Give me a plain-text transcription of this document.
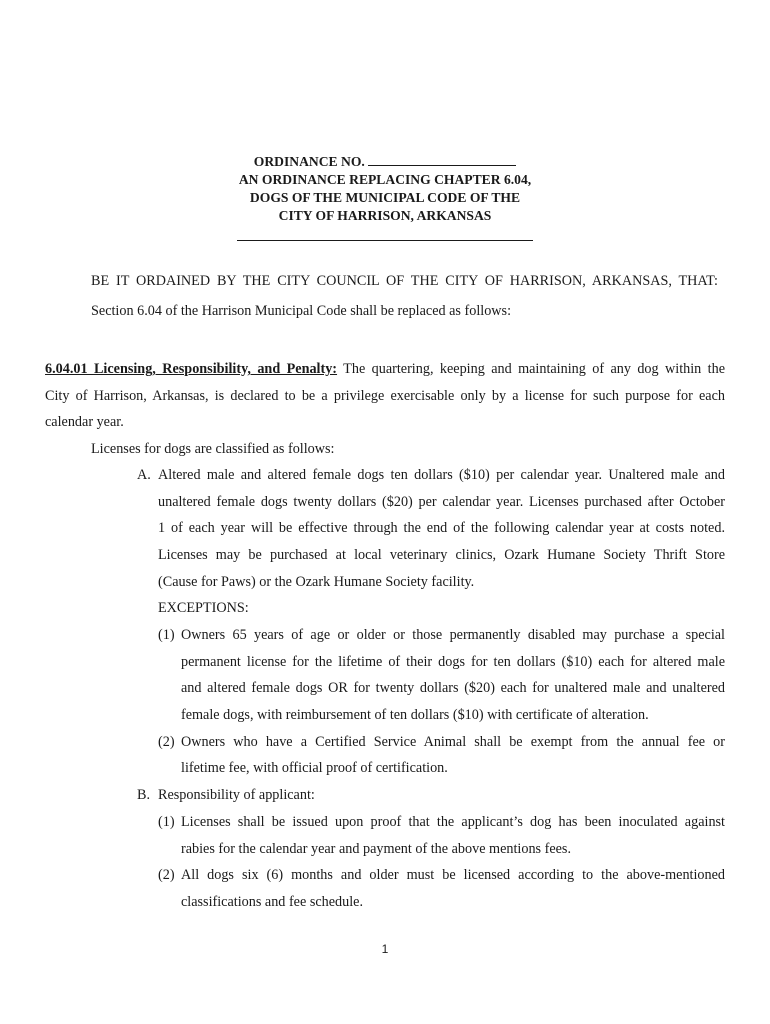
ORDINANCE NO.
AN ORDINANCE REPLACING CHAPTER 6.04,
DOGS OF THE MUNICIPAL CODE OF THE
CITY OF HARRISON, ARKANSAS
BE IT ORDAINED BY THE CITY COUNCIL OF THE CITY OF HARRISON, ARKANSAS, THAT:
Section 6.04 of the Harrison Municipal Code shall be replaced as follows:
6.04.01 Licensing, Responsibility, and Penalty: The quartering, keeping and maintaining of any dog within the
City of Harrison, Arkansas, is declared to be a privilege exercisable only by a license for such purpose for each
calendar year.
Licenses for dogs are classified as follows:
A. Altered male and altered female dogs ten dollars ($10) per calendar year. Unaltered male and
unaltered female dogs twenty dollars ($20) per calendar year. Licenses purchased after October
1 of each year will be effective through the end of the following calendar year at costs noted.
Licenses may be purchased at local veterinary clinics, Ozark Humane Society Thrift Store
(Cause for Paws) or the Ozark Humane Society facility.
EXCEPTIONS:
(1) Owners 65 years of age or older or those permanently disabled may purchase a special
permanent license for the lifetime of their dogs for ten dollars ($10) each for altered male
and altered female dogs OR for twenty dollars ($20) each for unaltered male and unaltered
female dogs, with reimbursement of ten dollars ($10) with certificate of alteration.
(2) Owners who have a Certified Service Animal shall be exempt from the annual fee or
lifetime fee, with official proof of certification.
B. Responsibility of applicant:
(1) Licenses shall be issued upon proof that the applicant’s dog has been inoculated against
rabies for the calendar year and payment of the above mentions fees.
(2) All dogs six (6) months and older must be licensed according to the above-mentioned
classifications and fee schedule.
1
